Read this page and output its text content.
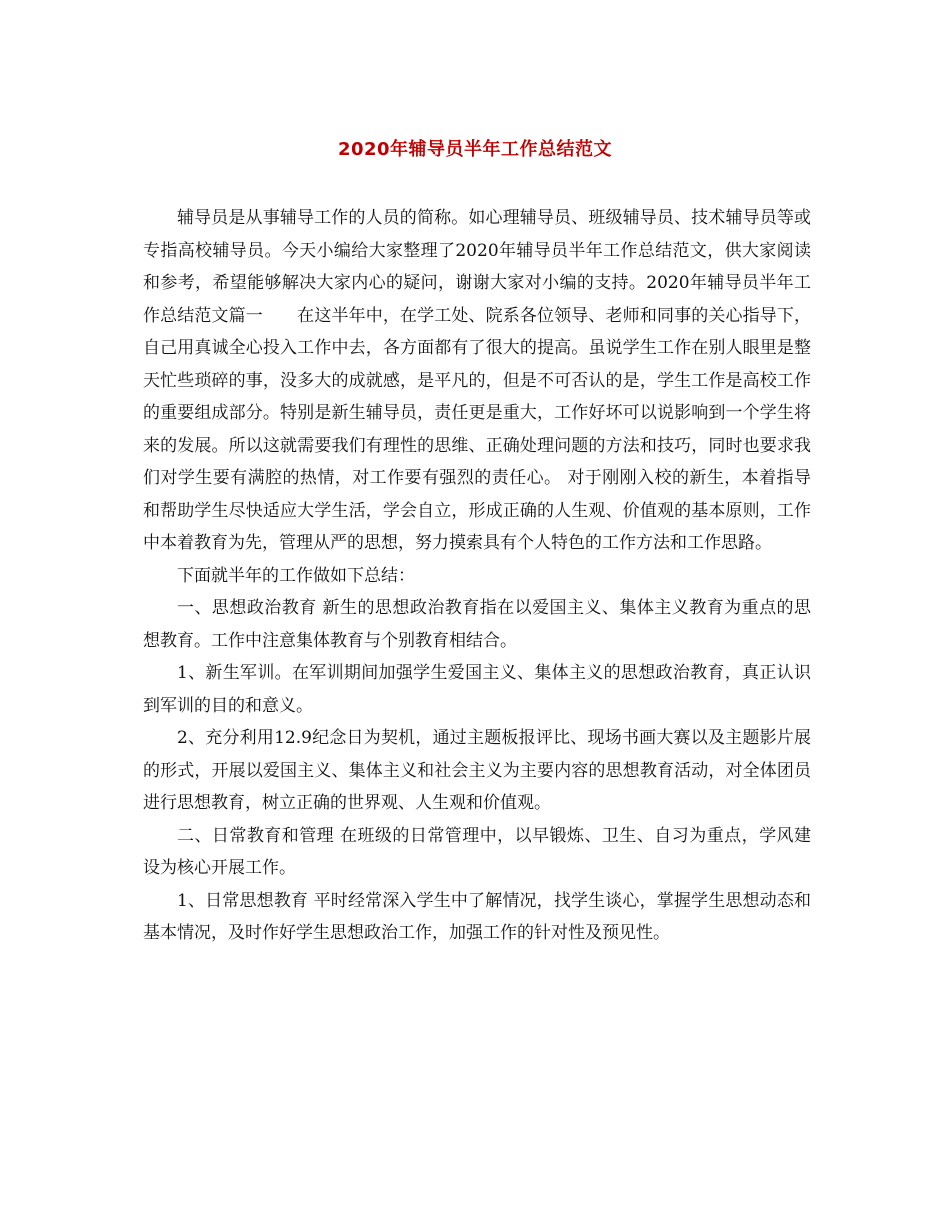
2020年辅导员半年工作总结范文

辅导员是从事辅导工作的人员的简称。如心理辅导员、班级辅导员、技术辅导员等或专指高校辅导员。今天小编给大家整理了2020年辅导员半年工作总结范文，供大家阅读和参考，希望能够解决大家内心的疑问，谢谢大家对小编的支持。2020年辅导员半年工作总结范文篇一　　在这半年中，在学工处、院系各位领导、老师和同事的关心指导下，自己用真诚全心投入工作中去，各方面都有了很大的提高。虽说学生工作在别人眼里是整天忙些琐碎的事，没多大的成就感，是平凡的，但是不可否认的是，学生工作是高校工作的重要组成部分。特别是新生辅导员，责任更是重大，工作好坏可以说影响到一个学生将来的发展。所以这就需要我们有理性的思维、正确处理问题的方法和技巧，同时也要求我们对学生要有满腔的热情，对工作要有强烈的责任心。 对于刚刚入校的新生，本着指导和帮助学生尽快适应大学生活，学会自立，形成正确的人生观、价值观的基本原则，工作中本着教育为先，管理从严的思想，努力摸索具有个人特色的工作方法和工作思路。

下面就半年的工作做如下总结：

一、思想政治教育 新生的思想政治教育指在以爱国主义、集体主义教育为重点的思想教育。工作中注意集体教育与个别教育相结合。

1、新生军训。在军训期间加强学生爱国主义、集体主义的思想政治教育，真正认识到军训的目的和意义。

2、充分利用12.9纪念日为契机，通过主题板报评比、现场书画大赛以及主题影片展的形式，开展以爱国主义、集体主义和社会主义为主要内容的思想教育活动，对全体团员进行思想教育，树立正确的世界观、人生观和价值观。

二、日常教育和管理 在班级的日常管理中，以早锻炼、卫生、自习为重点，学风建设为核心开展工作。

1、日常思想教育 平时经常深入学生中了解情况，找学生谈心，掌握学生思想动态和基本情况，及时作好学生思想政治工作，加强工作的针对性及预见性。
